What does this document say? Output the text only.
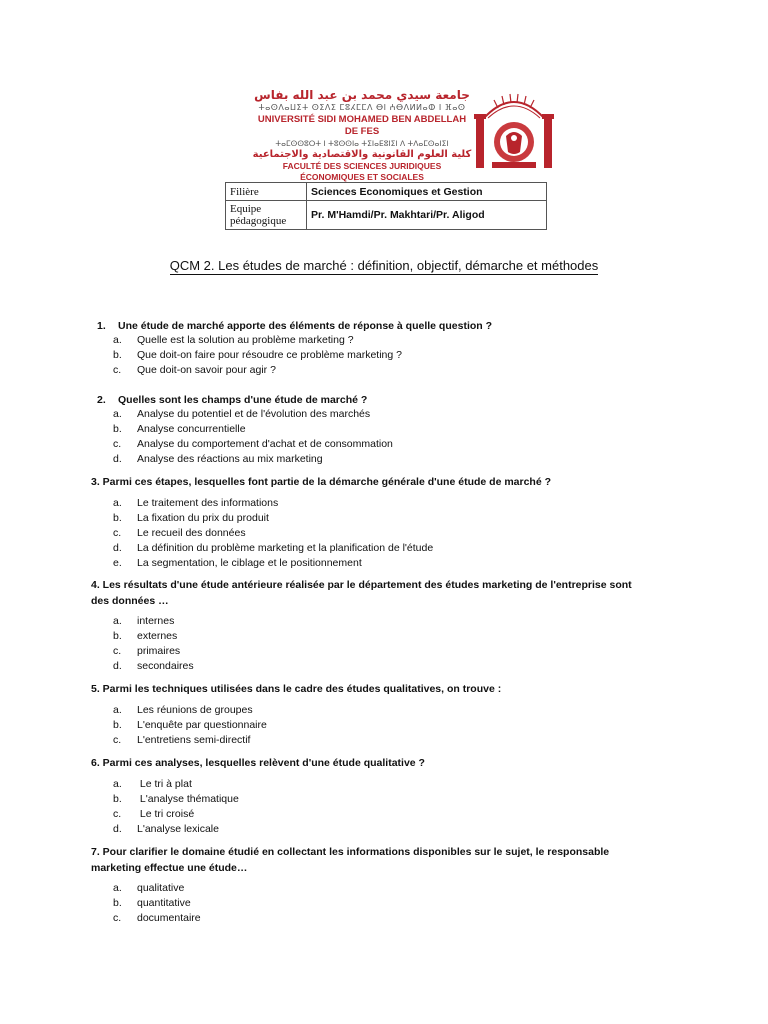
جامعة سيدي محمد بن عبد الله بفاس
ⵜⴰⵙⴷⴰⵡⵉⵜ ⵙⵉⴷⵉ ⵎⵓⵃⵎⵎⴷ ⴱⵏ ⵄⴱⴷⵍⵍⴰⵀ ⵏ ⴼⴰⵙ
UNIVERSITÉ SIDI MOHAMED BEN ABDELLAH DE FES
ⵜⴰⵎⵙⵙⵓⵔⵜ ⵏ ⵜⵓⵙⵙⵏⴰ ⵜⵉⵏⴰⴹⵓⵏⵉⵏ ⴷ ⵜⴷⴰⵎⵙⴰⵏⵉⵏ
كلية العلوم القانونية والاقتصادية والاجتماعية
FACULTÉ DES SCIENCES JURIDIQUES ÉCONOMIQUES ET SOCIALES
Filière	Sciences Economiques et Gestion

Equipe
pédagogique	Pr. M'Hamdi/Pr. Makhtari/Pr. Aligod
QCM 2. Les études de marché : définition, objectif, démarche et méthodes
1. Une étude de marché apporte des éléments de réponse à quelle question ?
a. Quelle est la solution au problème marketing ?
b. Que doit-on faire pour résoudre ce problème marketing ?
c. Que doit-on savoir pour agir ?
2. Quelles sont les champs d'une étude de marché ?
a. Analyse du potentiel et de l'évolution des marchés
b. Analyse concurrentielle
c. Analyse du comportement d'achat et de consommation
d. Analyse des réactions au mix marketing
3. Parmi ces étapes, lesquelles font partie de la démarche générale d'une étude de marché ?
a. Le traitement des informations
b. La fixation du prix du produit
c. Le recueil des données
d. La définition du problème marketing et la planification de l'étude
e. La segmentation, le ciblage et le positionnement
4. Les résultats d'une étude antérieure réalisée par le département des études marketing de l'entreprise sont
des données …
a. internes
b. externes
c. primaires
d. secondaires
5. Parmi les techniques utilisées dans le cadre des études qualitatives, on trouve :
a. Les réunions de groupes
b. L'enquête par questionnaire
c. L'entretiens semi-directif
6. Parmi ces analyses, lesquelles relèvent d'une étude qualitative ?
a. Le tri à plat
b. L'analyse thématique
c. Le tri croisé
d. L'analyse lexicale
7. Pour clarifier le domaine étudié en collectant les informations disponibles sur le sujet, le responsable
marketing effectue une étude…
a. qualitative
b. quantitative
c. documentaire
